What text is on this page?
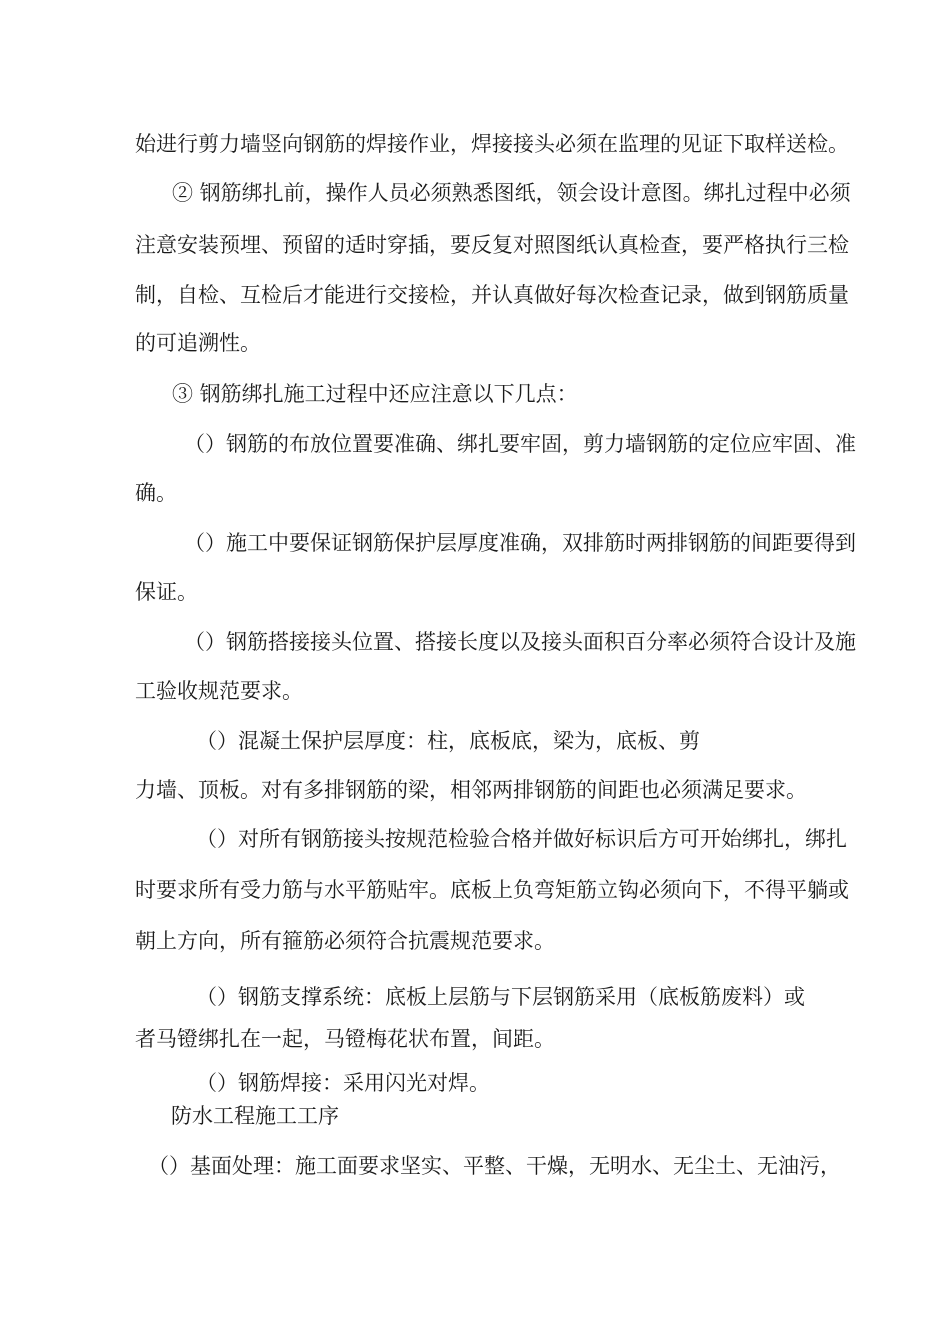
始进行剪力墙竖向钢筋的焊接作业，焊接接头必须在监理的见证下取样送检。
② 钢筋绑扎前，操作人员必须熟悉图纸，领会设计意图。绑扎过程中必须
注意安装预埋、预留的适时穿插，要反复对照图纸认真检查，要严格执行三检
制，自检、互检后才能进行交接检，并认真做好每次检查记录，做到钢筋质量
的可追溯性。
③ 钢筋绑扎施工过程中还应注意以下几点：
（）钢筋的布放位置要准确、绑扎要牢固，剪力墙钢筋的定位应牢固、准
确。
（）施工中要保证钢筋保护层厚度准确，双排筋时两排钢筋的间距要得到
保证。
（）钢筋搭接接头位置、搭接长度以及接头面积百分率必须符合设计及施
工验收规范要求。
（）混凝土保护层厚度：柱，底板底，梁为，底板、剪
力墙、顶板。对有多排钢筋的梁，相邻两排钢筋的间距也必须满足要求。
（）对所有钢筋接头按规范检验合格并做好标识后方可开始绑扎，绑扎
时要求所有受力筋与水平筋贴牢。底板上负弯矩筋立钩必须向下，不得平躺或
朝上方向，所有箍筋必须符合抗震规范要求。
（）钢筋支撑系统：底板上层筋与下层钢筋采用（底板筋废料）或
者马镫绑扎在一起，马镫梅花状布置，间距。
（）钢筋焊接：采用闪光对焊。
防水工程施工工序
（）基面处理：施工面要求坚实、平整、干燥，无明水、无尘土、无油污，
